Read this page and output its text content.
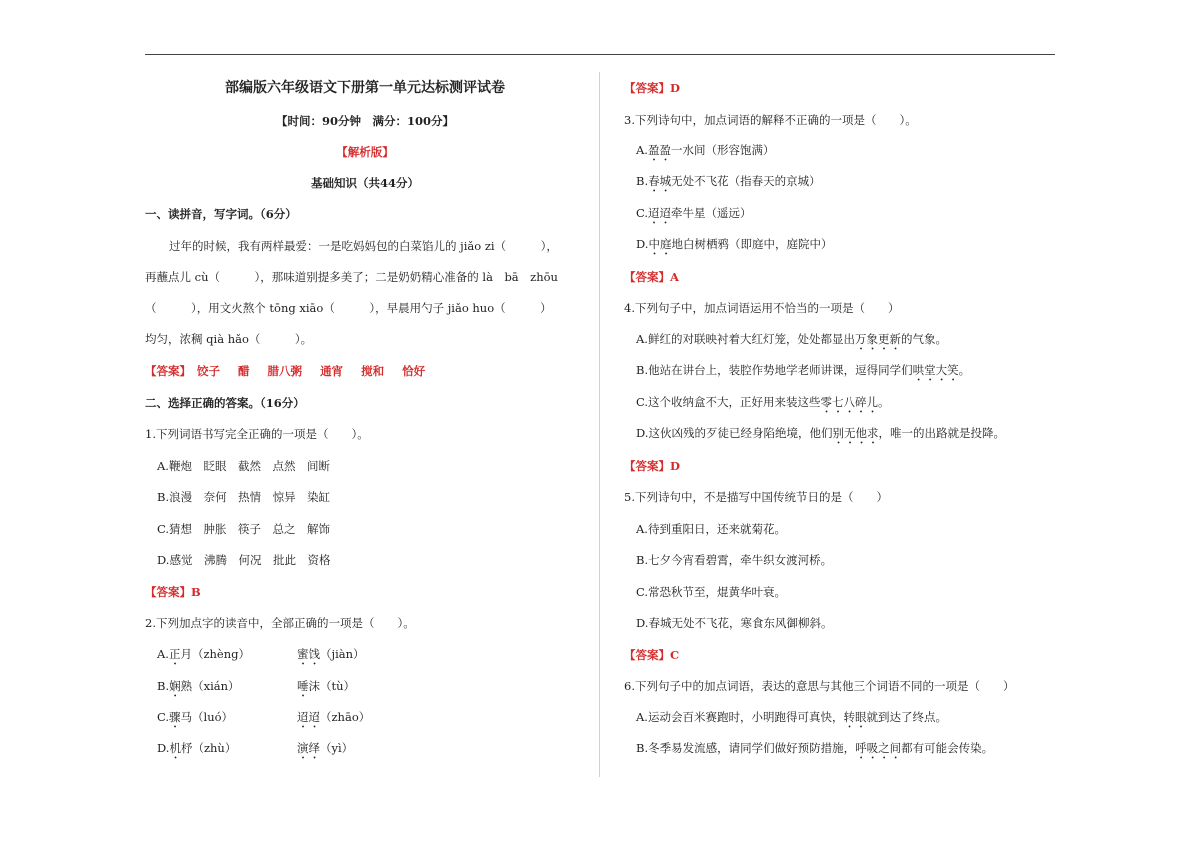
部编版六年级语文下册第一单元达标测评试卷
【时间：90分钟　满分：100分】
【解析版】
基础知识（共44分）
一、读拼音，写字词。（6分）
过年的时候，我有两样最爱：一是吃妈妈包的白菜馅儿的 jiǎo zi（　　　），
再蘸点儿 cù（　　　），那味道别提多美了；二是奶奶精心准备的 là　bā　zhōu
（　　　），用文火熬个 tōng xiāo（　　　），早晨用勺子 jiǎo huo（　　　）
均匀，浓稠 qià hǎo（　　　）。
【答案】 饺子 醋 腊八粥 通宵 搅和 恰好
二、选择正确的答案。（16分）
1.下列词语书写完全正确的一项是（　　）。
A.鞭炮　眨眼　截然　点然　间断
B.浪漫　奈何　热情　惊异　染缸
C.猜想　肿胀　筷子　总之　解饰
D.感觉　沸腾　何况　批此　资格
【答案】B
2.下列加点字的读音中，全部正确的一项是（　　）。
A.正月（zhèng）	蜜饯（jiàn）
B.娴熟（xián）	唾沫（tù）
C.骤马（luó）	迢迢（zhāo）
D.机杼（zhù）	演绎（yì）
【答案】D
3.下列诗句中，加点词语的解释不正确的一项是（　　）。
A.盈盈一水间（形容饱满）
B.春城无处不飞花（指春天的京城）
C.迢迢牵牛星（遥远）
D.中庭地白树栖鸦（即庭中，庭院中）
【答案】A
4.下列句子中，加点词语运用不恰当的一项是（　　）
A.鲜红的对联映衬着大红灯笼，处处都显出万象更新的气象。
B.他站在讲台上，装腔作势地学老师讲课，逗得同学们哄堂大笑。
C.这个收纳盒不大，正好用来装这些零七八碎儿。
D.这伙凶残的歹徒已经身陷绝境，他们别无他求，唯一的出路就是投降。
【答案】D
5.下列诗句中，不是描写中国传统节日的是（　　）
A.待到重阳日，还来就菊花。
B.七夕今宵看碧霄，牵牛织女渡河桥。
C.常恐秋节至，焜黄华叶衰。
D.春城无处不飞花，寒食东风御柳斜。
【答案】C
6.下列句子中的加点词语，表达的意思与其他三个词语不同的一项是（　　）
A.运动会百米赛跑时，小明跑得可真快，转眼就到达了终点。
B.冬季易发流感，请同学们做好预防措施，呼吸之间都有可能会传染。
